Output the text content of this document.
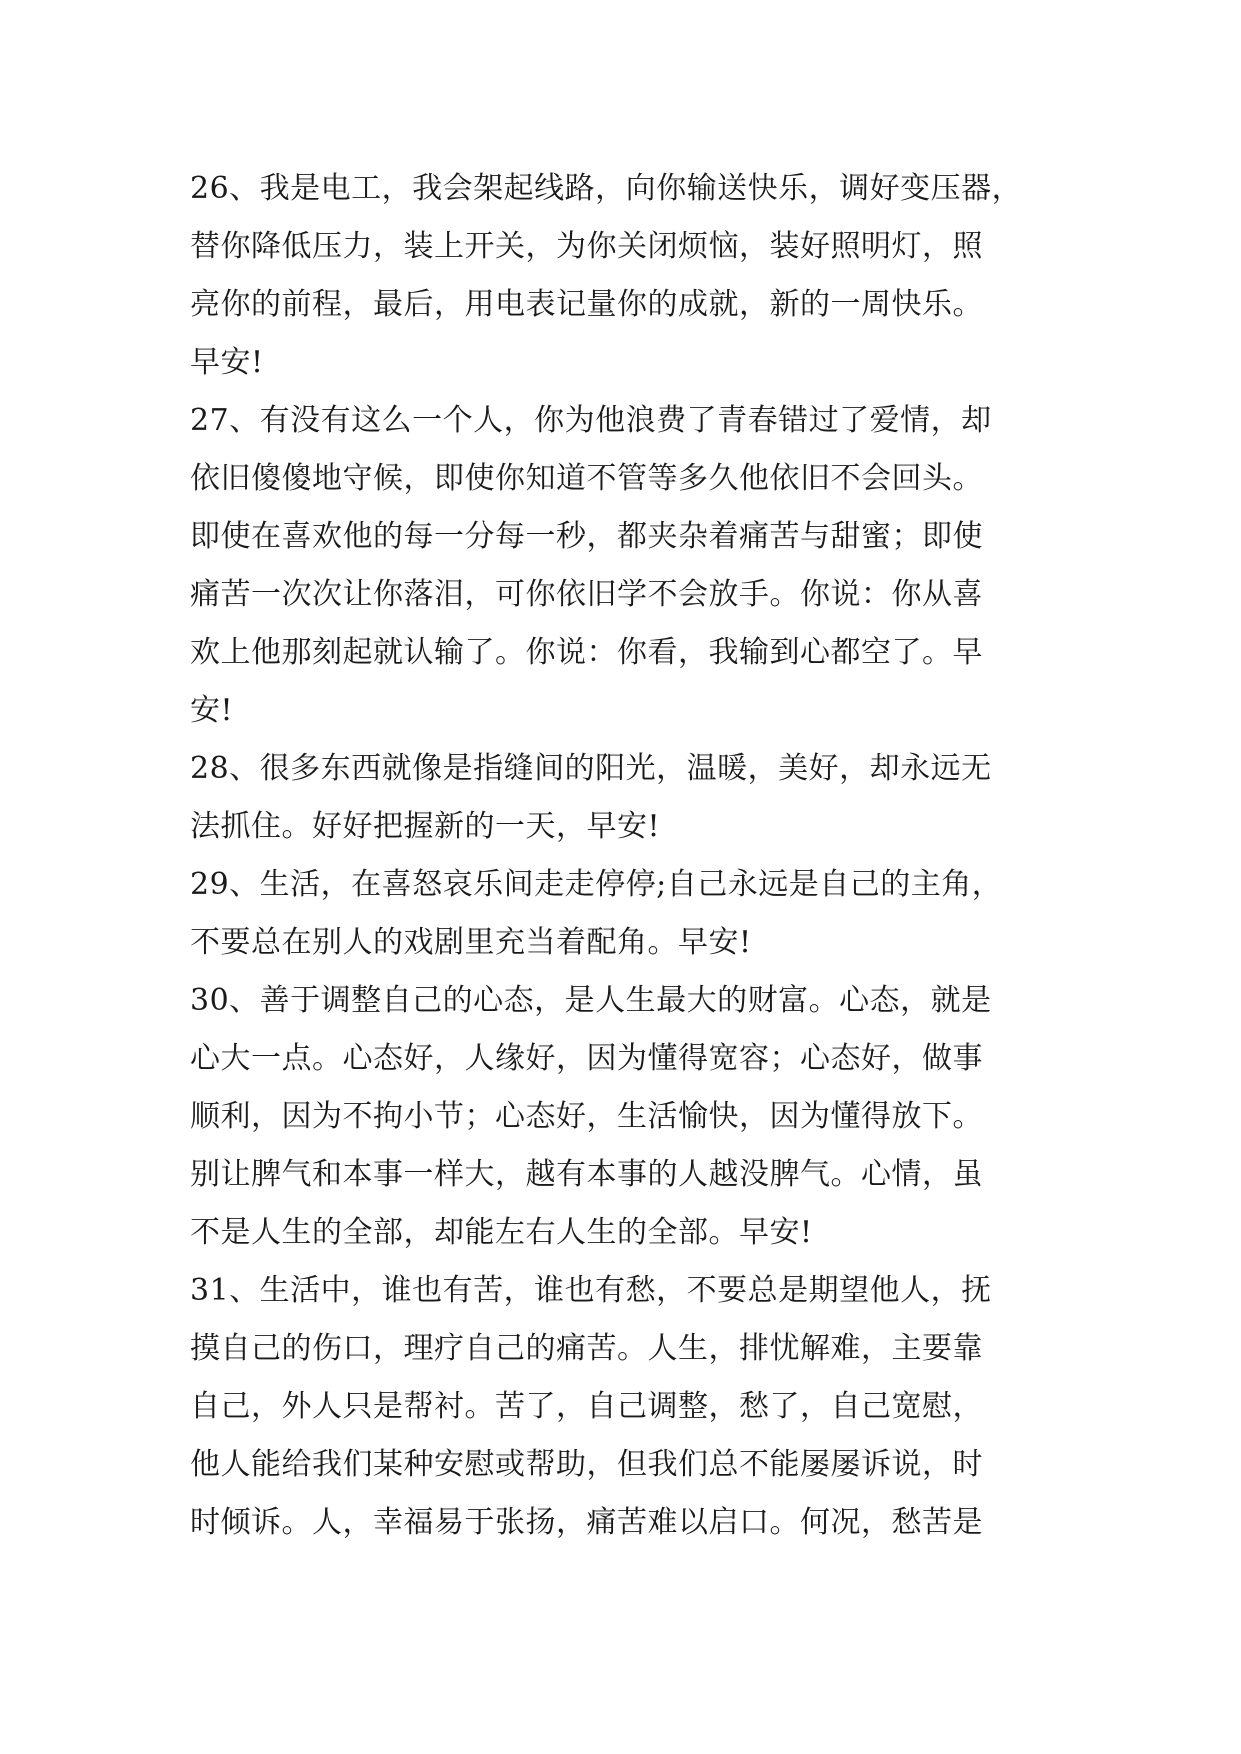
26、我是电工，我会架起线路，向你输送快乐，调好变压器，
替你降低压力，装上开关，为你关闭烦恼，装好照明灯，照
亮你的前程，最后，用电表记量你的成就，新的一周快乐。
早安!
27、有没有这么一个人，你为他浪费了青春错过了爱情，却
依旧傻傻地守候，即使你知道不管等多久他依旧不会回头。
即使在喜欢他的每一分每一秒，都夹杂着痛苦与甜蜜；即使
痛苦一次次让你落泪，可你依旧学不会放手。你说：你从喜
欢上他那刻起就认输了。你说：你看，我输到心都空了。早
安!
28、很多东西就像是指缝间的阳光，温暖，美好，却永远无
法抓住。好好把握新的一天，早安!
29、生活，在喜怒哀乐间走走停停;自己永远是自己的主角，
不要总在别人的戏剧里充当着配角。早安!
30、善于调整自己的心态，是人生最大的财富。心态，就是
心大一点。心态好，人缘好，因为懂得宽容；心态好，做事
顺利，因为不拘小节；心态好，生活愉快，因为懂得放下。
别让脾气和本事一样大，越有本事的人越没脾气。心情，虽
不是人生的全部，却能左右人生的全部。早安!
31、生活中，谁也有苦，谁也有愁，不要总是期望他人，抚
摸自己的伤口，理疗自己的痛苦。人生，排忧解难，主要靠
自己，外人只是帮衬。苦了，自己调整，愁了，自己宽慰，
他人能给我们某种安慰或帮助，但我们总不能屡屡诉说，时
时倾诉。人，幸福易于张扬，痛苦难以启口。何况，愁苦是
